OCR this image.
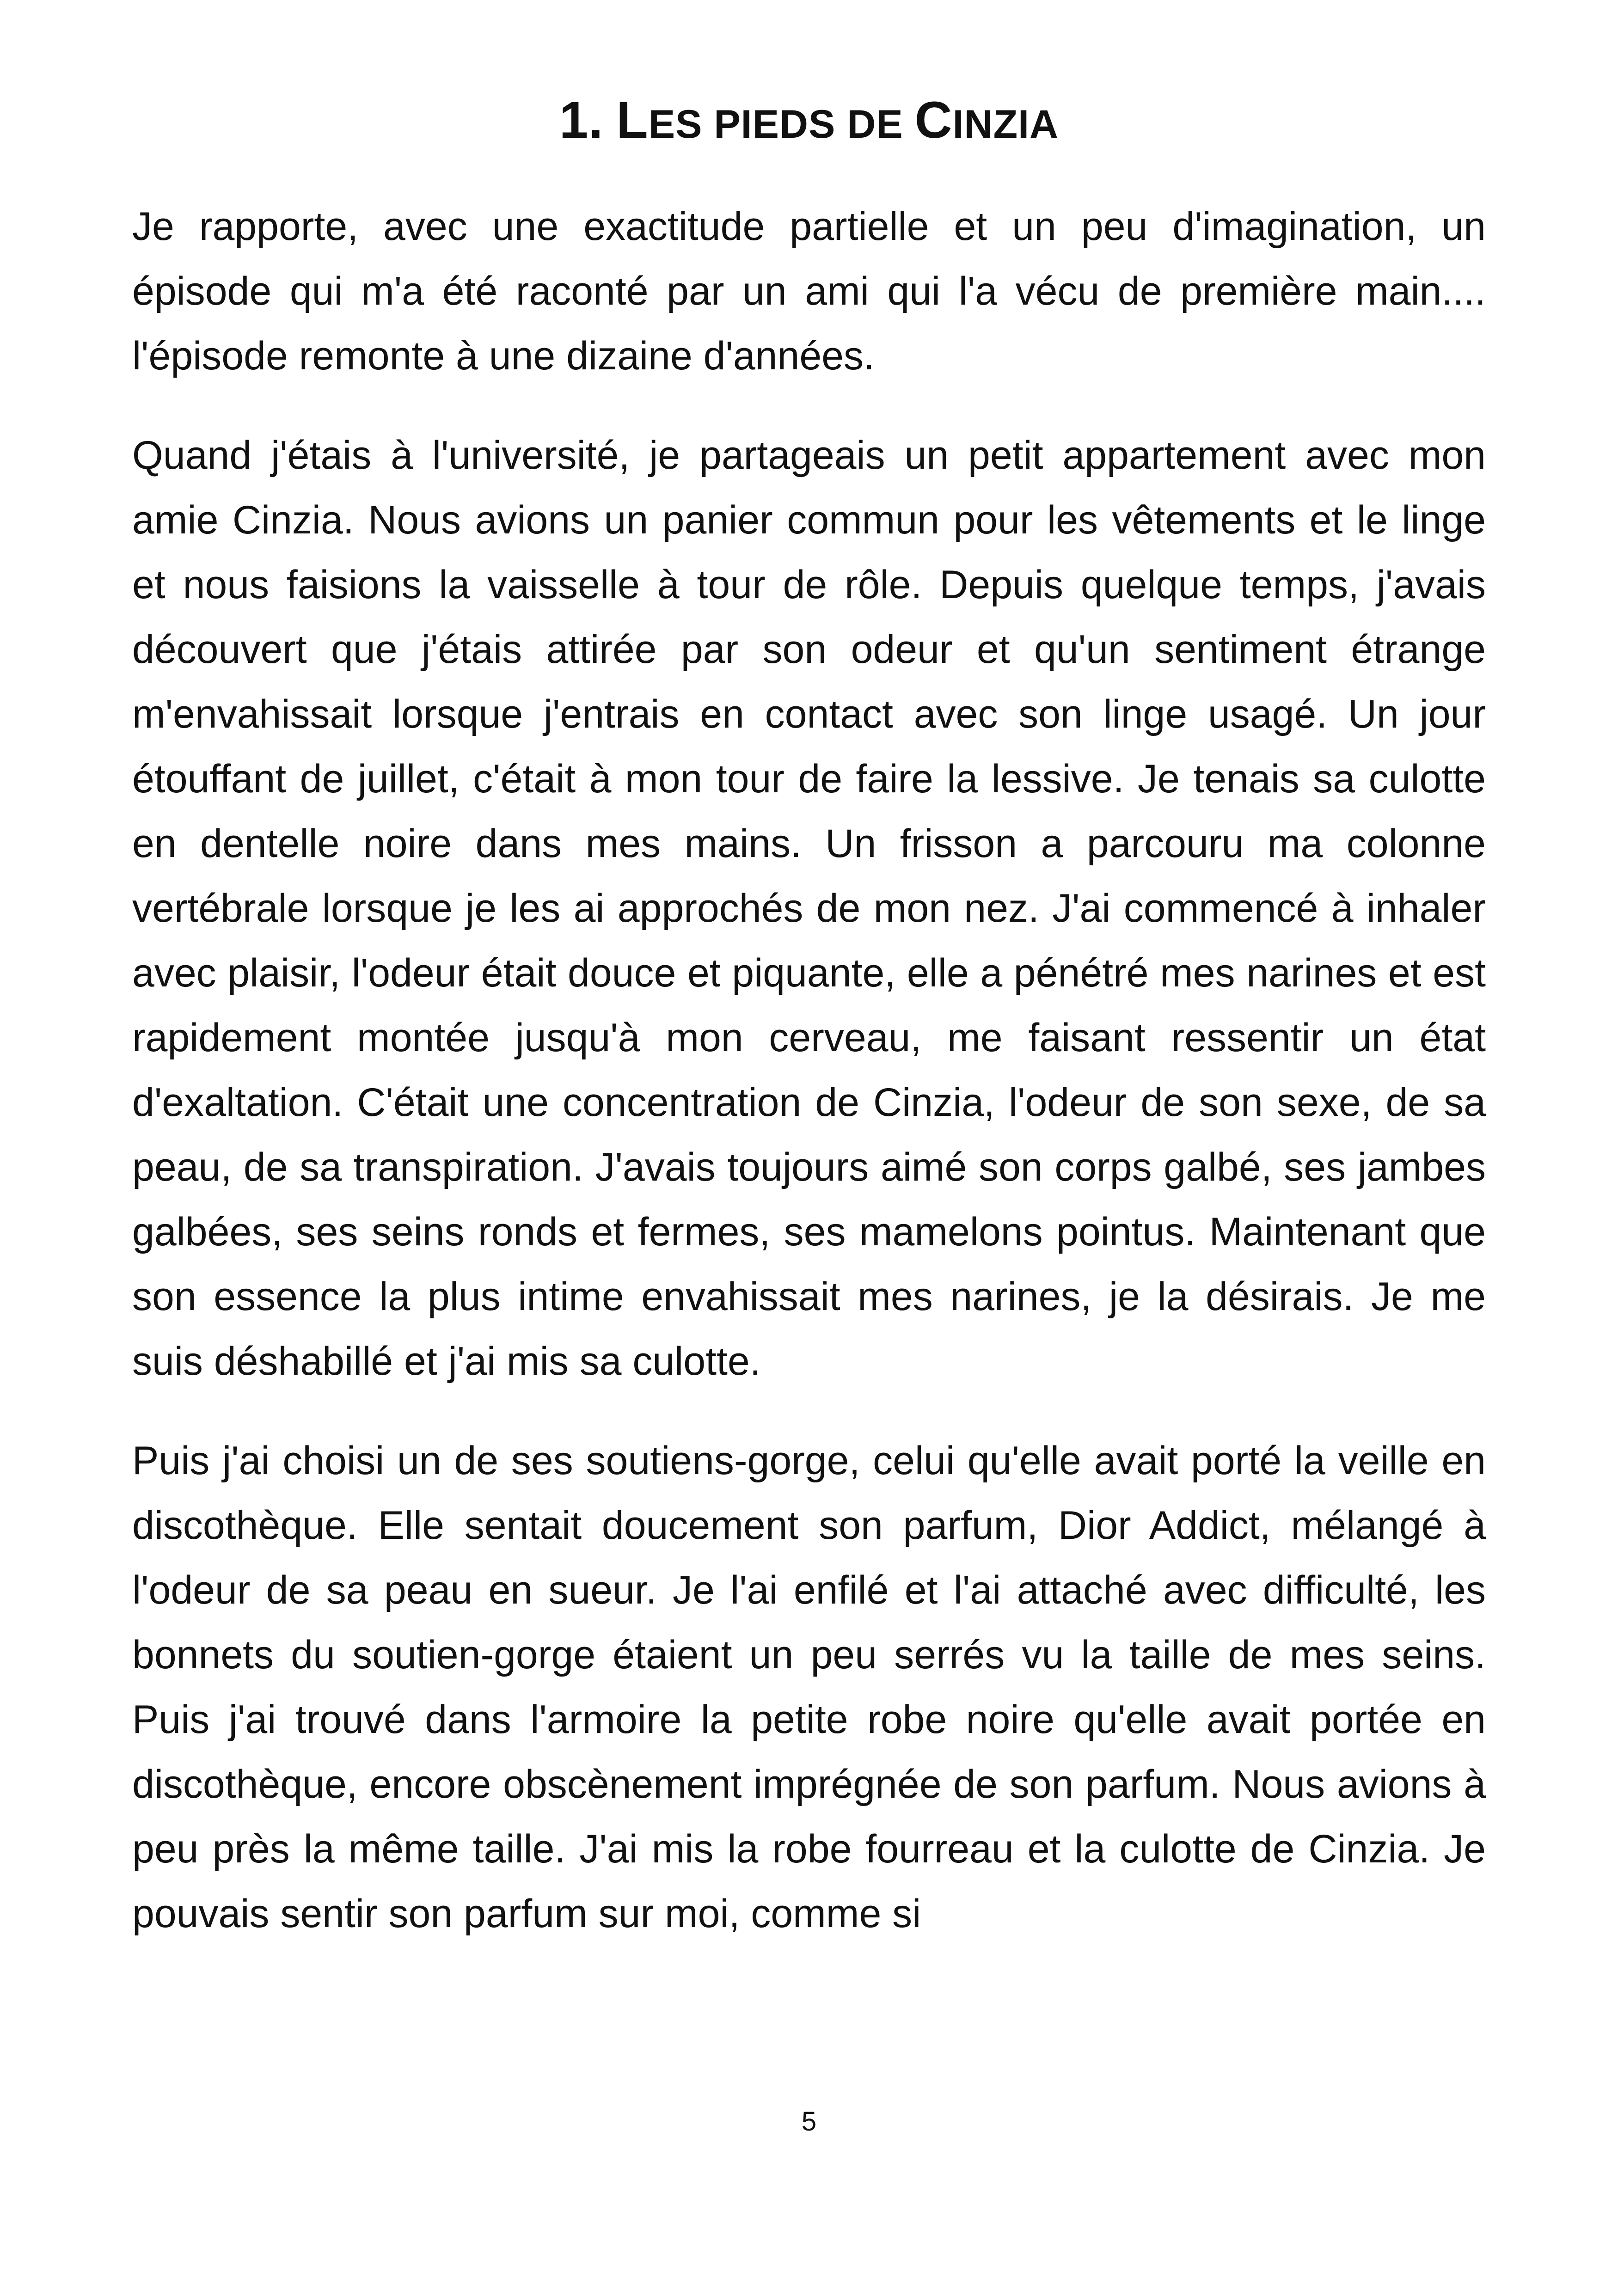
1. LES PIEDS DE CINZIA

Je rapporte, avec une exactitude partielle et un peu d'imagination, un épisode qui m'a été raconté par un ami qui l'a vécu de première main.... l'épisode remonte à une dizaine d'années.

Quand j'étais à l'université, je partageais un petit appartement avec mon amie Cinzia. Nous avions un panier commun pour les vêtements et le linge et nous faisions la vaisselle à tour de rôle. Depuis quelque temps, j'avais découvert que j'étais attirée par son odeur et qu'un sentiment étrange m'envahissait lorsque j'entrais en contact avec son linge usagé. Un jour étouffant de juillet, c'était à mon tour de faire la lessive. Je tenais sa culotte en dentelle noire dans mes mains. Un frisson a parcouru ma colonne vertébrale lorsque je les ai approchés de mon nez. J'ai commencé à inhaler avec plaisir, l'odeur était douce et piquante, elle a pénétré mes narines et est rapidement montée jusqu'à mon cerveau, me faisant ressentir un état d'exaltation. C'était une concentration de Cinzia, l'odeur de son sexe, de sa peau, de sa transpiration. J'avais toujours aimé son corps galbé, ses jambes galbées, ses seins ronds et fermes, ses mamelons pointus. Maintenant que son essence la plus intime envahissait mes narines, je la désirais. Je me suis déshabillé et j'ai mis sa culotte.

Puis j'ai choisi un de ses soutiens-gorge, celui qu'elle avait porté la veille en discothèque. Elle sentait doucement son parfum, Dior Addict, mélangé à l'odeur de sa peau en sueur. Je l'ai enfilé et l'ai attaché avec difficulté, les bonnets du soutien-gorge étaient un peu serrés vu la taille de mes seins. Puis j'ai trouvé dans l'armoire la petite robe noire qu'elle avait portée en discothèque, encore obscènement imprégnée de son parfum. Nous avions à peu près la même taille. J'ai mis la robe fourreau et la culotte de Cinzia. Je pouvais sentir son parfum sur moi, comme si

5
